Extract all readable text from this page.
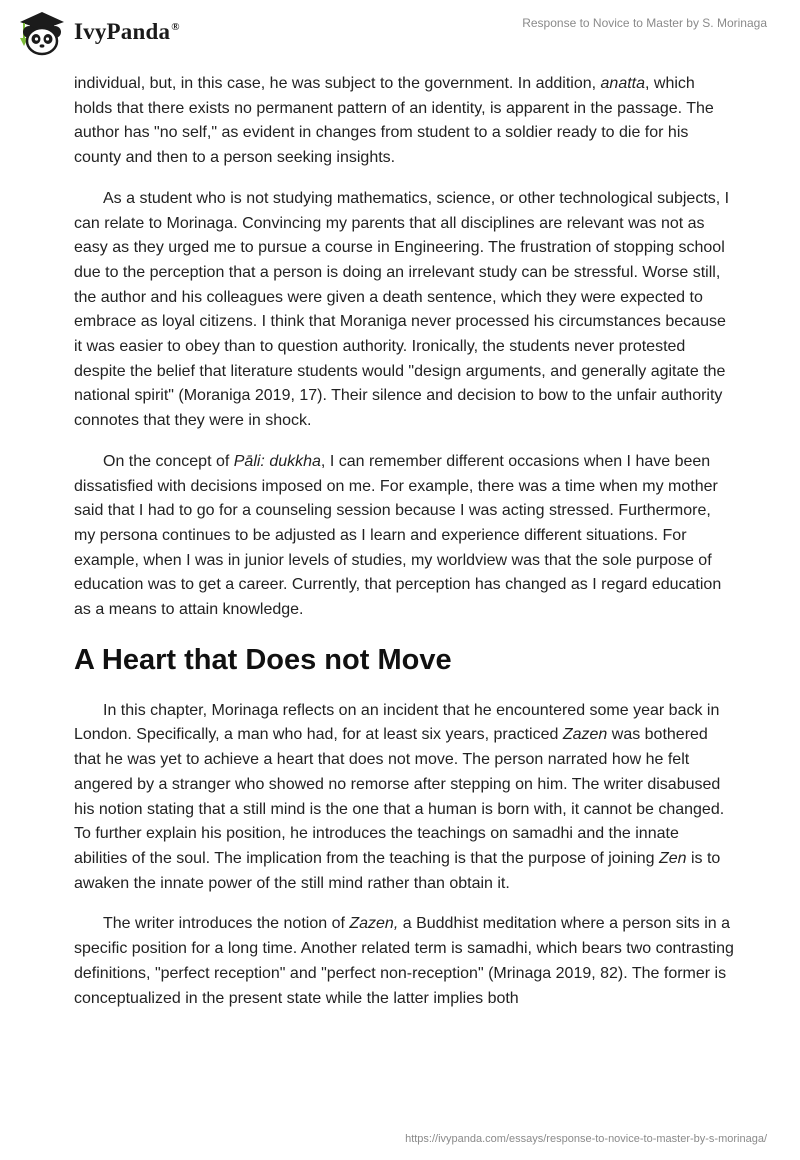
IvyPanda®	Response to Novice to Master by S. Morinaga

individual, but, in this case, he was subject to the government. In addition, anatta, which holds that there exists no permanent pattern of an identity, is apparent in the passage. The author has "no self," as evident in changes from student to a soldier ready to die for his county and then to a person seeking insights.

As a student who is not studying mathematics, science, or other technological subjects, I can relate to Morinaga. Convincing my parents that all disciplines are relevant was not as easy as they urged me to pursue a course in Engineering. The frustration of stopping school due to the perception that a person is doing an irrelevant study can be stressful. Worse still, the author and his colleagues were given a death sentence, which they were expected to embrace as loyal citizens. I think that Moraniga never processed his circumstances because it was easier to obey than to question authority. Ironically, the students never protested despite the belief that literature students would "design arguments, and generally agitate the national spirit" (Moraniga 2019, 17). Their silence and decision to bow to the unfair authority connotes that they were in shock.

On the concept of Pāli: dukkha, I can remember different occasions when I have been dissatisfied with decisions imposed on me. For example, there was a time when my mother said that I had to go for a counseling session because I was acting stressed. Furthermore, my persona continues to be adjusted as I learn and experience different situations. For example, when I was in junior levels of studies, my worldview was that the sole purpose of education was to get a career. Currently, that perception has changed as I regard education as a means to attain knowledge.

A Heart that Does not Move

In this chapter, Morinaga reflects on an incident that he encountered some year back in London. Specifically, a man who had, for at least six years, practiced Zazen was bothered that he was yet to achieve a heart that does not move. The person narrated how he felt angered by a stranger who showed no remorse after stepping on him. The writer disabused his notion stating that a still mind is the one that a human is born with, it cannot be changed. To further explain his position, he introduces the teachings on samadhi and the innate abilities of the soul. The implication from the teaching is that the purpose of joining Zen is to awaken the innate power of the still mind rather than obtain it.

The writer introduces the notion of Zazen, a Buddhist meditation where a person sits in a specific position for a long time. Another related term is samadhi, which bears two contrasting definitions, "perfect reception" and "perfect non-reception" (Mrinaga 2019, 82). The former is conceptualized in the present state while the latter implies both

https://ivypanda.com/essays/response-to-novice-to-master-by-s-morinaga/
